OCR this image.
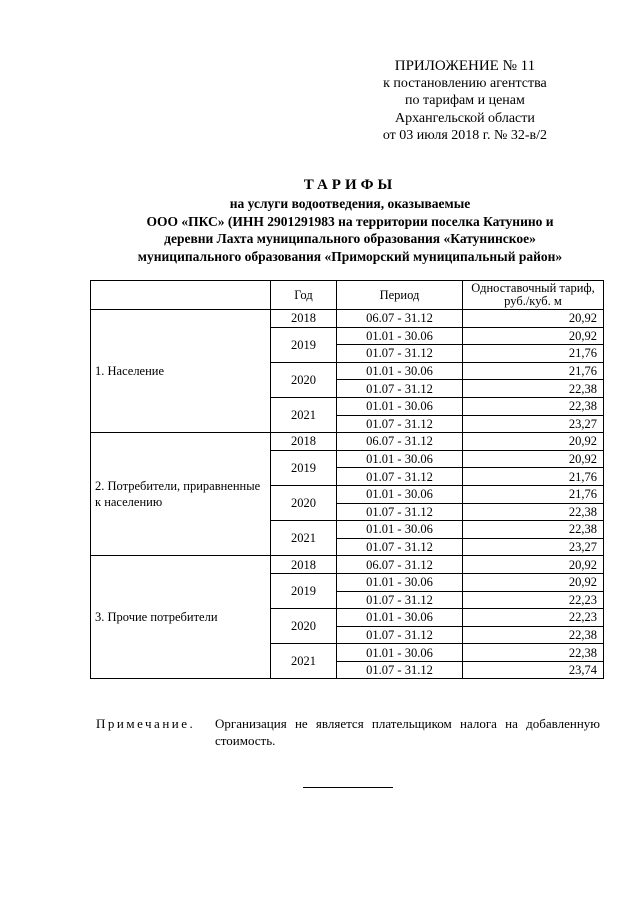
ПРИЛОЖЕНИЕ № 11
к постановлению агентства
по тарифам и ценам
Архангельской области
от 03 июля 2018 г. № 32-в/2
ТАРИФЫ
на услуги водоотведения, оказываемые
ООО «ПКС» (ИНН 2901291983 на территории поселка Катунино и
деревни Лахта муниципального образования «Катунинское»
муниципального образования «Приморский муниципальный район»
	Год	Период	Одноставочный тариф, руб./куб. м
1. Население	2018	06.07 - 31.12	20,92
	2019	01.01 - 30.06	20,92
		01.07 - 31.12	21,76
	2020	01.01 - 30.06	21,76
		01.07 - 31.12	22,38
	2021	01.01 - 30.06	22,38
		01.07 - 31.12	23,27
2. Потребители, приравненные к населению	2018	06.07 - 31.12	20,92
	2019	01.01 - 30.06	20,92
		01.07 - 31.12	21,76
	2020	01.01 - 30.06	21,76
		01.07 - 31.12	22,38
	2021	01.01 - 30.06	22,38
		01.07 - 31.12	23,27
3. Прочие потребители	2018	06.07 - 31.12	20,92
	2019	01.01 - 30.06	20,92
		01.07 - 31.12	22,23
	2020	01.01 - 30.06	22,23
		01.07 - 31.12	22,38
	2021	01.01 - 30.06	22,38
		01.07 - 31.12	23,74
Примечание. Организация не является плательщиком налога на добавленную стоимость.
